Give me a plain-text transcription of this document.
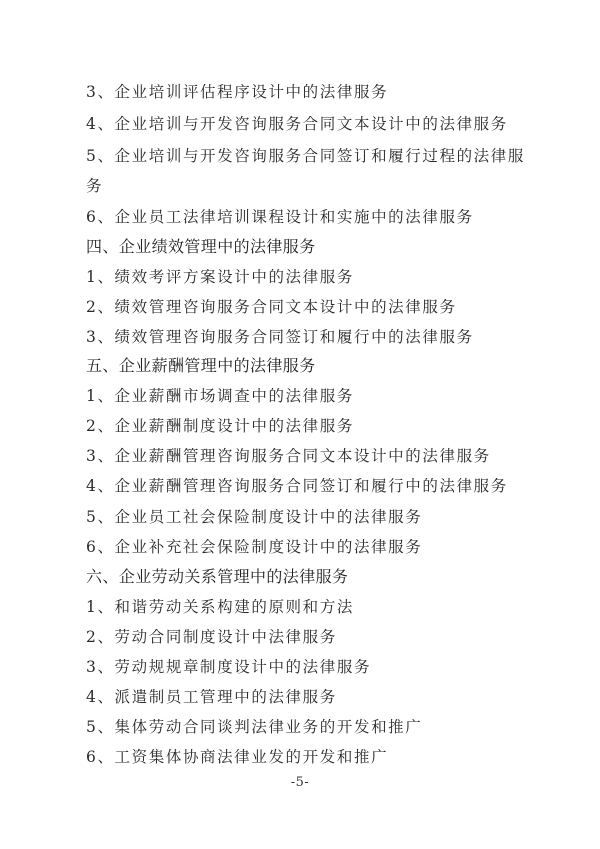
3、企业培训评估程序设计中的法律服务
4、企业培训与开发咨询服务合同文本设计中的法律服务
5、企业培训与开发咨询服务合同签订和履行过程的法律服
务
6、企业员工法律培训课程设计和实施中的法律服务
四、企业绩效管理中的法律服务
1、绩效考评方案设计中的法律服务
2、绩效管理咨询服务合同文本设计中的法律服务
3、绩效管理咨询服务合同签订和履行中的法律服务
五、企业薪酬管理中的法律服务
1、企业薪酬市场调查中的法律服务
2、企业薪酬制度设计中的法律服务
3、企业薪酬管理咨询服务合同文本设计中的法律服务
4、企业薪酬管理咨询服务合同签订和履行中的法律服务
5、企业员工社会保险制度设计中的法律服务
6、企业补充社会保险制度设计中的法律服务
六、企业劳动关系管理中的法律服务
1、和谐劳动关系构建的原则和方法
2、劳动合同制度设计中法律服务
3、劳动规规章制度设计中的法律服务
4、派遣制员工管理中的法律服务
5、集体劳动合同谈判法律业务的开发和推广
6、工资集体协商法律业发的开发和推广
-5-
